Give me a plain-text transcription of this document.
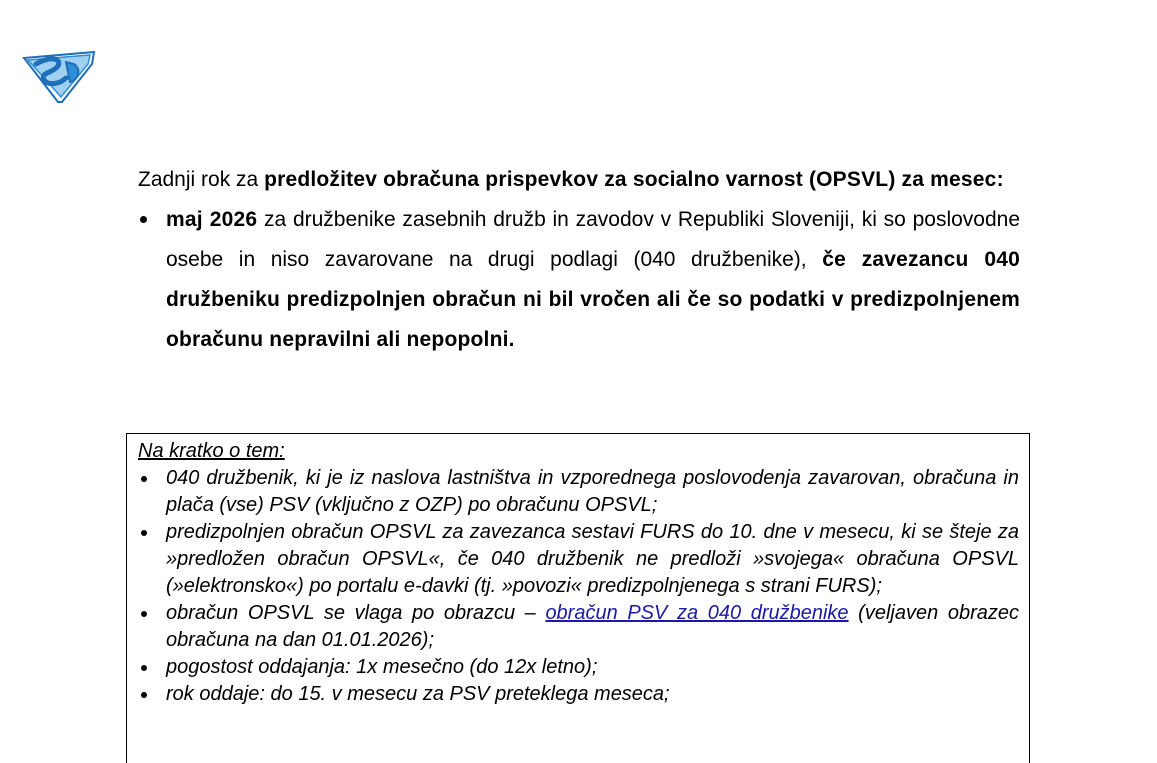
Zadnji rok za predložitev obračuna prispevkov za socialno varnost (OPSVL) za mesec:

maj 2026 za družbenike zasebnih družb in zavodov v Republiki Sloveniji, ki so poslovodne osebe in niso zavarovane na drugi podlagi (040 družbenike), če zavezancu 040 družbeniku predizpolnjen obračun ni bil vročen ali če so podatki v predizpolnjenem obračunu nepravilni ali nepopolni.

Na kratko o tem:

040 družbenik, ki je iz naslova lastništva in vzporednega poslovodenja zavarovan, obračuna in plača (vse) PSV (vključno z OZP) po obračunu OPSVL;
predizpolnjen obračun OPSVL za zavezanca sestavi FURS do 10. dne v mesecu, ki se šteje za »predložen obračun OPSVL«, če 040 družbenik ne predloži »svojega« obračuna OPSVL (»elektronsko«) po portalu e-davki (tj. »povozi« predizpolnjenega s strani FURS);
obračun OPSVL se vlaga po obrazcu – obračun PSV za 040 družbenike (veljaven obrazec obračuna na dan 01.01.2026);
pogostost oddajanja: 1x mesečno (do 12x letno);
rok oddaje: do 15. v mesecu za PSV preteklega meseca;
